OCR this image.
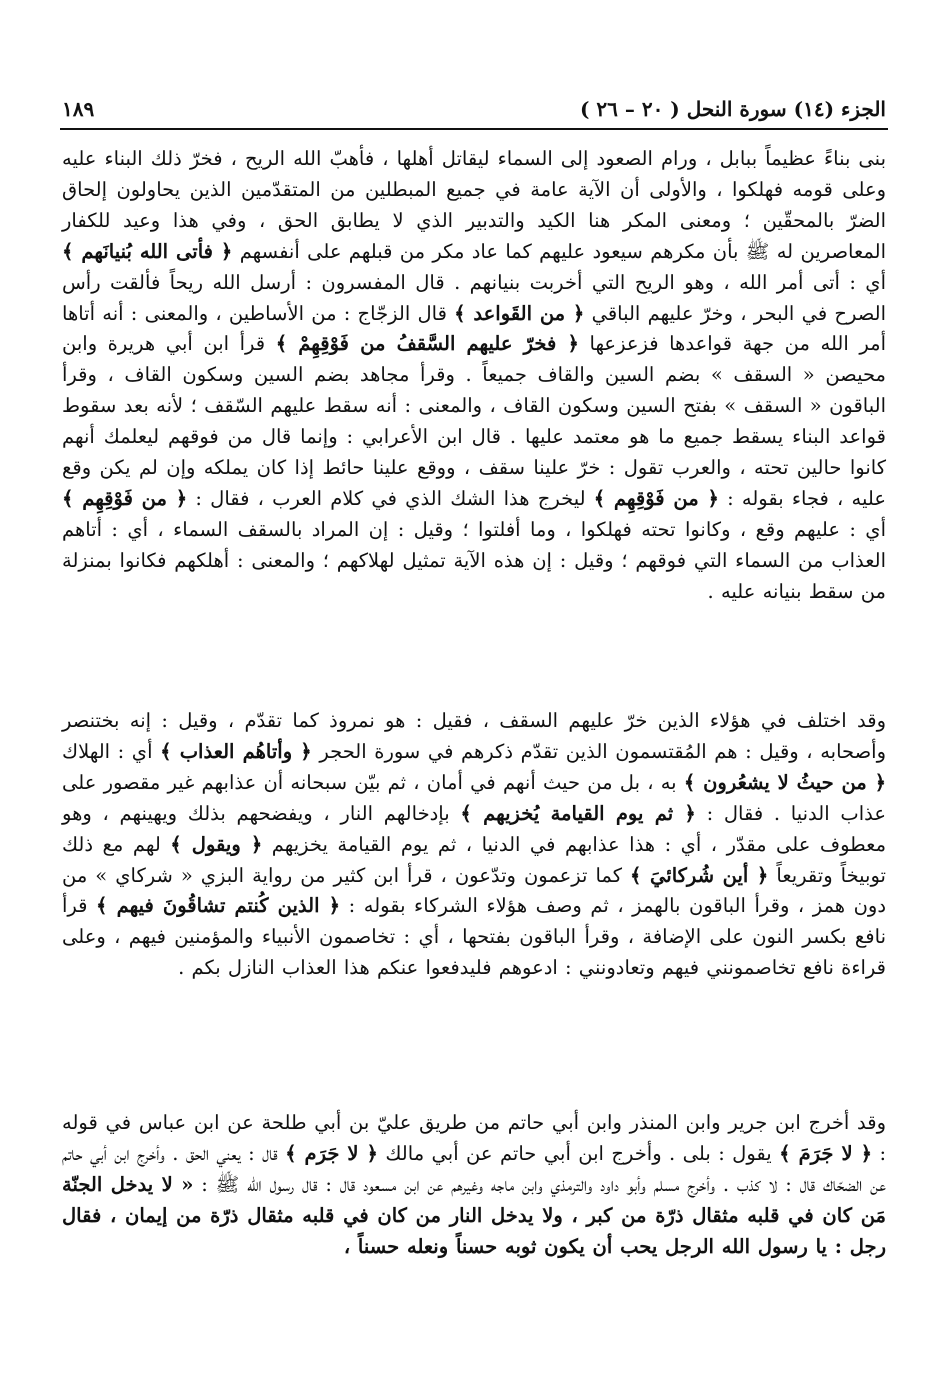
الجزء (١٤) سورة النحل ( ٢٠ – ٢٦ )
١٨٩
بنى بناءً عظيماً ببابل ، ورام الصعود إلى السماء ليقاتل أهلها ، فأهبّ الله الريح ، فخرّ ذلك البناء عليه وعلى قومه فهلكوا ، والأولى أن الآية عامة في جميع المبطلين من المتقدّمين الذين يحاولون إلحاق الضرّ بالمحقّين ؛ ومعنى المكر هنا الكيد والتدبير الذي لا يطابق الحق ، وفي هذا وعيد للكفار المعاصرين له ﷺ بأن مكرهم سيعود عليهم كما عاد مكر من قبلهم على أنفسهم ﴿ فأتى الله بُنيانَهم ﴾ أي : أتى أمر الله ، وهو الريح التي أخربت بنيانهم . قال المفسرون : أرسل الله ريحاً فألقت رأس الصرح في البحر ، وخرّ عليهم الباقي ﴿ من القَواعد ﴾ قال الزجّاج : من الأساطين ، والمعنى : أنه أتاها أمر الله من جهة قواعدها فزعزعها ﴿ فخرّ عليهم السَّقفُ من فَوْقِهِمْ ﴾ قرأ ابن أبي هريرة وابن محيصن « السقف » بضم السين والقاف جميعاً . وقرأ مجاهد بضم السين وسكون القاف ، وقرأ الباقون « السقف » بفتح السين وسكون القاف ، والمعنى : أنه سقط عليهم السّقف ؛ لأنه بعد سقوط قواعد البناء يسقط جميع ما هو معتمد عليها . قال ابن الأعرابي : وإنما قال من فوقهم ليعلمك أنهم كانوا حالين تحته ، والعرب تقول : خرّ علينا سقف ، ووقع علينا حائط إذا كان يملكه وإن لم يكن وقع عليه ، فجاء بقوله : ﴿ من فَوْقِهِم ﴾ ليخرج هذا الشك الذي في كلام العرب ، فقال : ﴿ من فَوْقِهِم ﴾ أي : عليهم وقع ، وكانوا تحته فهلكوا ، وما أفلتوا ؛ وقيل : إن المراد بالسقف السماء ، أي : أتاهم العذاب من السماء التي فوقهم ؛ وقيل : إن هذه الآية تمثيل لهلاكهم ؛ والمعنى : أهلكهم فكانوا بمنزلة من سقط بنيانه عليه .
وقد اختلف في هؤلاء الذين خرّ عليهم السقف ، فقيل : هو نمروذ كما تقدّم ، وقيل : إنه بختنصر وأصحابه ، وقيل : هم المُقتسمون الذين تقدّم ذكرهم في سورة الحجر ﴿ وأتاهُم العذاب ﴾ أي : الهلاك ﴿ من حيثُ لا يشعُرون ﴾ به ، بل من حيث أنهم في أمان ، ثم بيّن سبحانه أن عذابهم غير مقصور على عذاب الدنيا . فقال : ﴿ ثم يوم القيامة يُخزيهم ﴾ بإدخالهم النار ، ويفضحهم بذلك ويهينهم ، وهو معطوف على مقدّر ، أي : هذا عذابهم في الدنيا ، ثم يوم القيامة يخزيهم ﴿ ويقول ﴾ لهم مع ذلك توبيخاً وتقريعاً ﴿ أين شُركائيَ ﴾ كما تزعمون وتدّعون ، قرأ ابن كثير من رواية البزي « شركاي » من دون همز ، وقرأ الباقون بالهمز ، ثم وصف هؤلاء الشركاء بقوله : ﴿ الذين كُنتم تشاقُونَ فيهم ﴾ قرأ نافع بكسر النون على الإضافة ، وقرأ الباقون بفتحها ، أي : تخاصمون الأنبياء والمؤمنين فيهم ، وعلى قراءة نافع تخاصمونني فيهم وتعادونني : ادعوهم فليدفعوا عنكم هذا العذاب النازل بكم .
وقد أخرج ابن جرير وابن المنذر وابن أبي حاتم من طريق عليّ بن أبي طلحة عن ابن عباس في قوله : ﴿ لا جَرَمَ ﴾ يقول : بلى . وأخرج ابن أبي حاتم عن أبي مالك ﴿ لا جَرَم ﴾ قال : يعني الحق . وأخرج ابن أبي حاتم عن الضحّاك قال : لا كذب . وأخرج مسلم وأبو داود والترمذي وابن ماجه وغيرهم عن ابن مسعود قال : قال رسول الله ﷺ : « لا يدخل الجنّة مَن كان في قلبه مثقال ذرّة من كبر ، ولا يدخل النار من كان في قلبه مثقال ذرّة من إيمان ، فقال رجل : يا رسول الله الرجل يحب أن يكون ثوبه حسناً ونعله حسناً ،
